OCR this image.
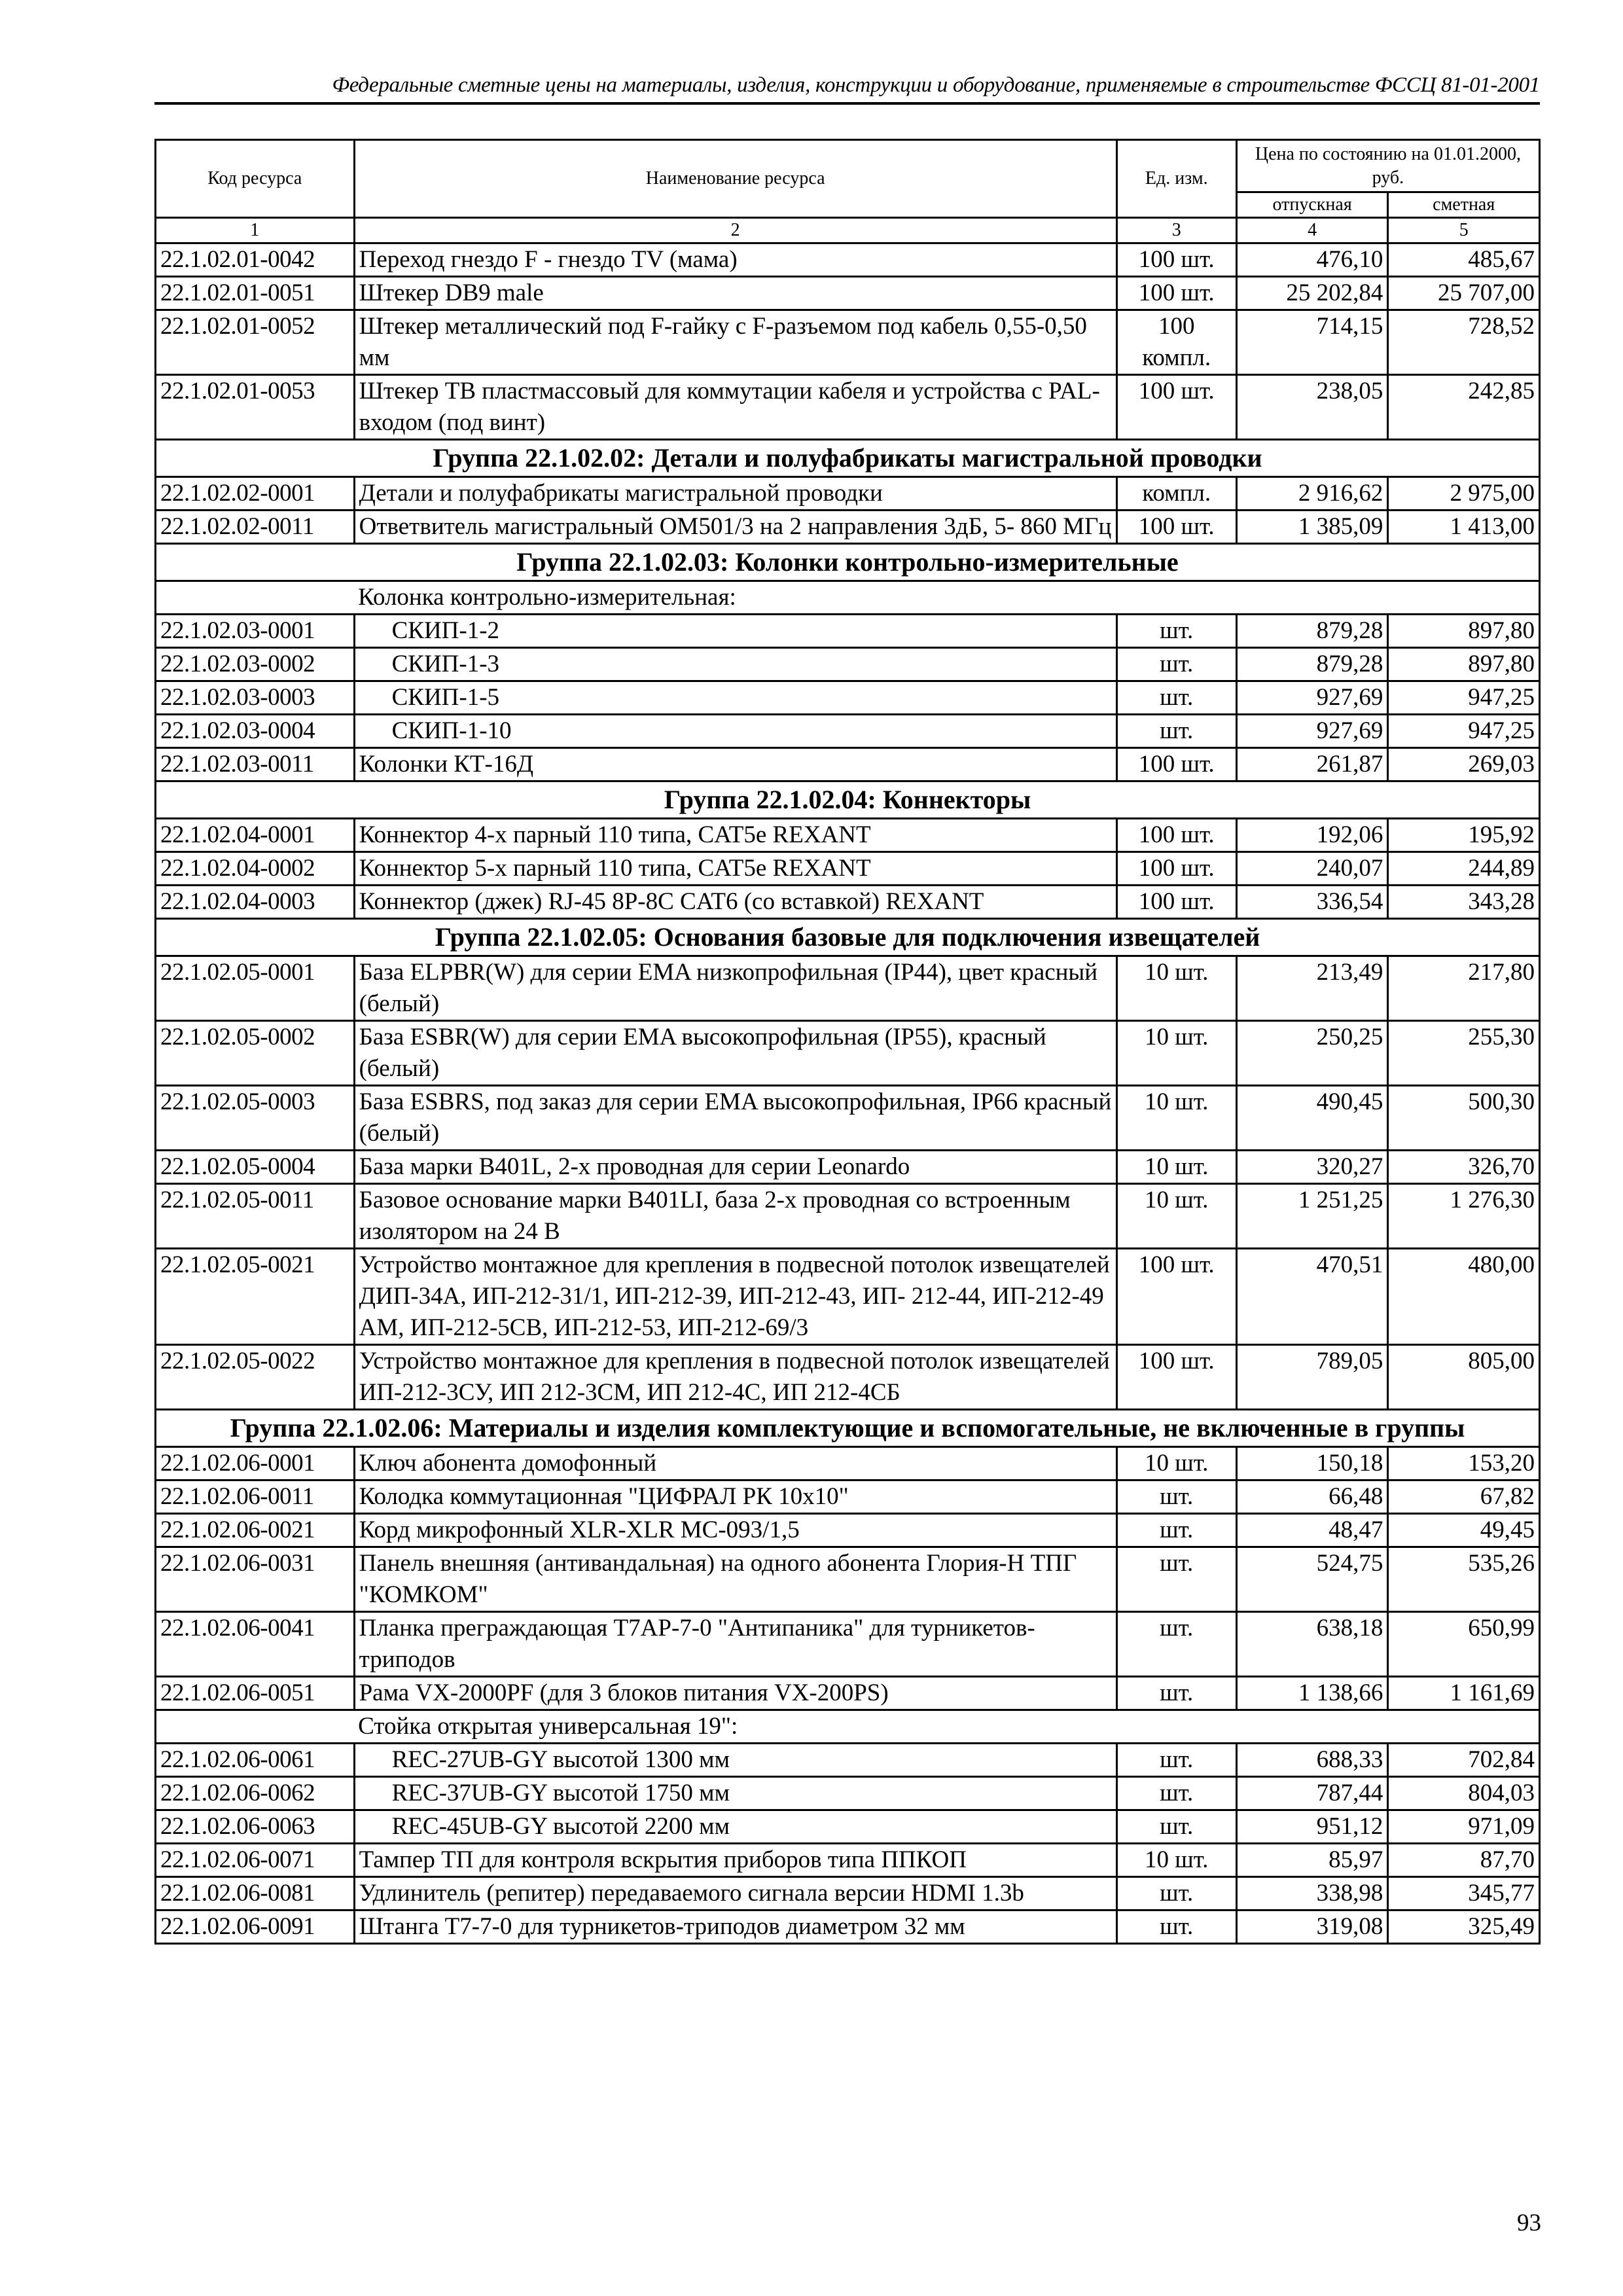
Федеральные сметные цены на материалы, изделия, конструкции и оборудование, применяемые в строительстве ФССЦ 81-01-2001
Код ресурса	Наименование ресурса	Ед. изм.	Цена по состоянию на 01.01.2000, руб.	
			отпускная	сметная
1	2	3	4	5
22.1.02.01-0042	Переход гнездо F - гнездо TV (мама)	100 шт.	476,10	485,67
22.1.02.01-0051	Штекер DB9 male	100 шт.	25 202,84	25 707,00
22.1.02.01-0052	Штекер металлический под F-гайку с F-разъемом под кабель 0,55-0,50 мм	100 компл.	714,15	728,52
22.1.02.01-0053	Штекер ТВ пластмассовый для коммутации кабеля и устройства с PAL-входом (под винт)	100 шт.	238,05	242,85
Группа 22.1.02.02: Детали и полуфабрикаты магистральной проводки				
22.1.02.02-0001	Детали и полуфабрикаты магистральной проводки	компл.	2 916,62	2 975,00
22.1.02.02-0011	Ответвитель магистральный ОМ501/3 на 2 направления 3дБ, 5- 860 МГц	100 шт.	1 385,09	1 413,00
Группа 22.1.02.03: Колонки контрольно-измерительные				
	Колонка контрольно-измерительная:			
22.1.02.03-0001	СКИП-1-2	шт.	879,28	897,80
22.1.02.03-0002	СКИП-1-3	шт.	879,28	897,80
22.1.02.03-0003	СКИП-1-5	шт.	927,69	947,25
22.1.02.03-0004	СКИП-1-10	шт.	927,69	947,25
22.1.02.03-0011	Колонки КТ-16Д	100 шт.	261,87	269,03
Группа 22.1.02.04: Коннекторы				
22.1.02.04-0001	Коннектор 4-х парный 110 типа, CAT5e REXANT	100 шт.	192,06	195,92
22.1.02.04-0002	Коннектор 5-х парный 110 типа, CAT5e REXANT	100 шт.	240,07	244,89
22.1.02.04-0003	Коннектор (джек) RJ-45 8P-8C CAT6 (со вставкой) REXANT	100 шт.	336,54	343,28
Группа 22.1.02.05: Основания базовые для подключения извещателей				
22.1.02.05-0001	База ELPBR(W) для серии EMA низкопрофильная (IP44), цвет красный (белый)	10 шт.	213,49	217,80
22.1.02.05-0002	База ESBR(W) для серии EMA высокопрофильная (IP55), красный (белый)	10 шт.	250,25	255,30
22.1.02.05-0003	База ESBRS, под заказ для серии EMA высокопрофильная, IP66 красный (белый)	10 шт.	490,45	500,30
22.1.02.05-0004	База марки B401L, 2-х проводная для серии Leonardo	10 шт.	320,27	326,70
22.1.02.05-0011	Базовое основание марки B401LI, база 2-х проводная со встроенным изолятором на 24 В	10 шт.	1 251,25	1 276,30
22.1.02.05-0021	Устройство монтажное для крепления в подвесной потолок извещателей ДИП-34А, ИП-212-31/1, ИП-212-39, ИП-212-43, ИП- 212-44, ИП-212-49 АМ, ИП-212-5СВ, ИП-212-53, ИП-212-69/3	100 шт.	470,51	480,00
22.1.02.05-0022	Устройство монтажное для крепления в подвесной потолок извещателей ИП-212-3СУ, ИП 212-3СМ, ИП 212-4С, ИП 212-4СБ	100 шт.	789,05	805,00
Группа 22.1.02.06: Материалы и изделия комплектующие и вспомогательные, не включенные в группы				
22.1.02.06-0001	Ключ абонента домофонный	10 шт.	150,18	153,20
22.1.02.06-0011	Колодка коммутационная "ЦИФРАЛ РК 10х10"	шт.	66,48	67,82
22.1.02.06-0021	Корд микрофонный XLR-XLR MC-093/1,5	шт.	48,47	49,45
22.1.02.06-0031	Панель внешняя (антивандальная) на одного абонента Глория-Н ТПГ "КОМКОМ"	шт.	524,75	535,26
22.1.02.06-0041	Планка преграждающая Т7АР-7-0 "Антипаника" для турникетов- триподов	шт.	638,18	650,99
22.1.02.06-0051	Рама VX-2000PF (для 3 блоков питания VX-200PS)	шт.	1 138,66	1 161,69
	Стойка открытая универсальная 19":			
22.1.02.06-0061	REC-27UB-GY высотой 1300 мм	шт.	688,33	702,84
22.1.02.06-0062	REC-37UB-GY высотой 1750 мм	шт.	787,44	804,03
22.1.02.06-0063	REC-45UB-GY высотой 2200 мм	шт.	951,12	971,09
22.1.02.06-0071	Тампер ТП для контроля вскрытия приборов типа ППКОП	10 шт.	85,97	87,70
22.1.02.06-0081	Удлинитель (репитер) передаваемого сигнала версии HDMI 1.3b	шт.	338,98	345,77
22.1.02.06-0091	Штанга Т7-7-0 для турникетов-триподов диаметром 32 мм	шт.	319,08	325,49
93
